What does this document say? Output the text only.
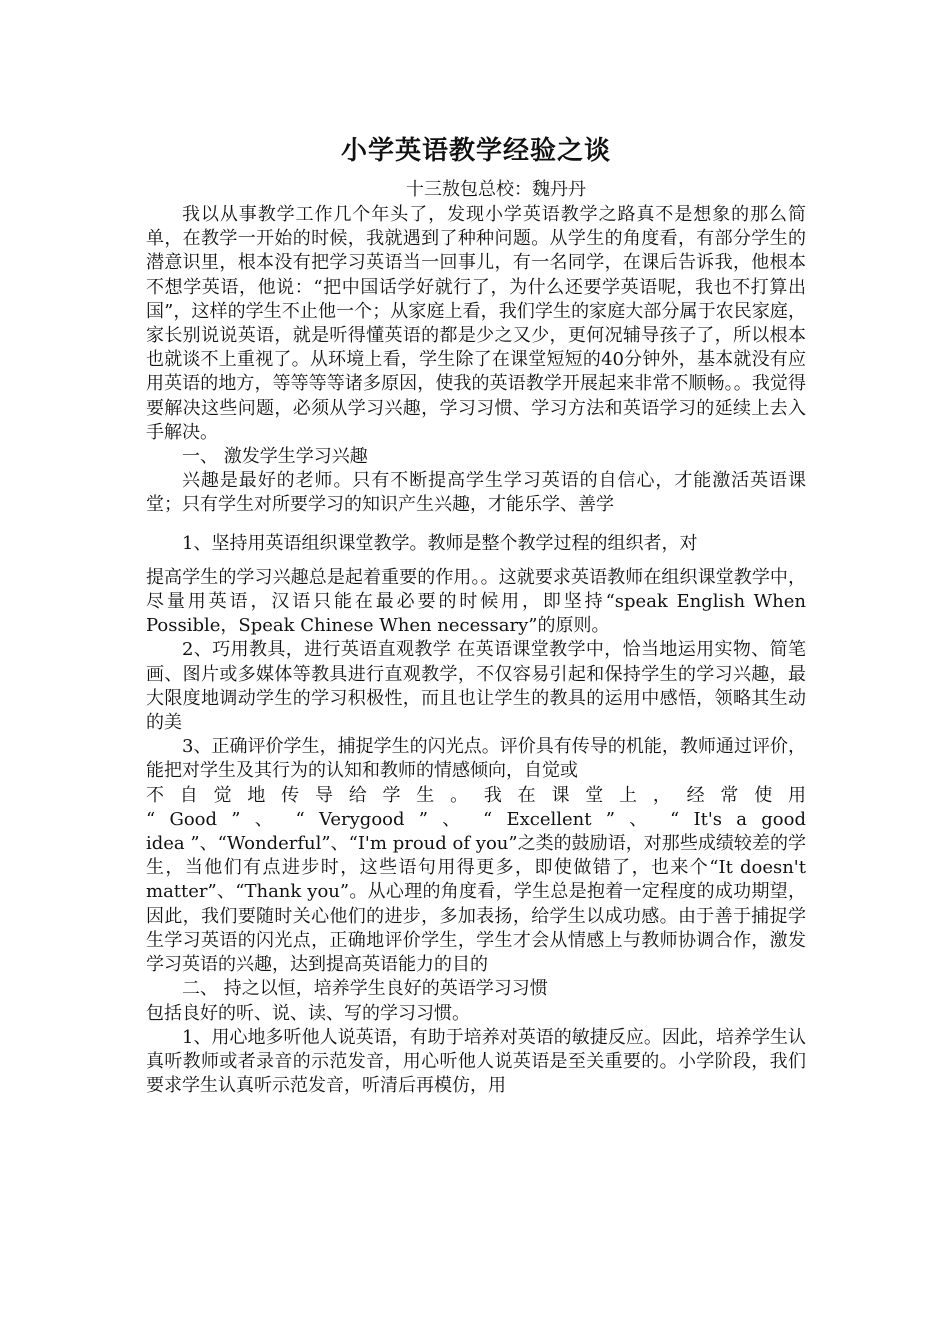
小学英语教学经验之谈
十三敖包总校：魏丹丹

我以从事教学工作几个年头了，发现小学英语教学之路真不是想象的那么简单，在教学一开始的时候，我就遇到了种种问题。从学生的角度看，有部分学生的潜意识里，根本没有把学习英语当一回事儿，有一名同学，在课后告诉我，他根本不想学英语，他说：“把中国话学好就行了，为什么还要学英语呢，我也不打算出国”，这样的学生不止他一个；从家庭上看，我们学生的家庭大部分属于农民家庭，家长别说说英语，就是听得懂英语的都是少之又少，更何况辅导孩子了，所以根本也就谈不上重视了。从环境上看，学生除了在课堂短短的40分钟外，基本就没有应用英语的地方，等等等等诸多原因，使我的英语教学开展起来非常不顺畅。。我觉得要解决这些问题，必须从学习兴趣，学习习惯、学习方法和英语学习的延续上去入手解决。

一、 激发学生学习兴趣

兴趣是最好的老师。只有不断提高学生学习英语的自信心，才能激活英语课堂；只有学生对所要学习的知识产生兴趣，才能乐学、善学

1、坚持用英语组织课堂教学。教师是整个教学过程的组织者，对

提高学生的学习兴趣总是起着重要的作用。。这就要求英语教师在组织课堂教学中，尽量用英语，汉语只能在最必要的时候用，即坚持“speak English When Possible，Speak Chinese When necessary”的原则。

2、巧用教具，进行英语直观教学 在英语课堂教学中，恰当地运用实物、简笔画、图片或多媒体等教具进行直观教学，不仅容易引起和保持学生的学习兴趣，最大限度地调动学生的学习积极性，而且也让学生的教具的运用中感悟，领略其生动的美

3、正确评价学生，捕捉学生的闪光点。评价具有传导的机能，教师通过评价，能把对学生及其行为的认知和教师的情感倾向，自觉或

不 自 觉 地 传 导 给 学 生 。 我 在 课 堂 上 ， 经 常 使 用

“ Good ” 、 “ Verygood ” 、 “ Excellent ” 、 “ It's a good

idea ”、“Wonderful”、“I'm proud of you”之类的鼓励语，对那些成绩较差的学生，当他们有点进步时，这些语句用得更多，即使做错了，也来个“It doesn't matter”、“Thank you”。从心理的角度看，学生总是抱着一定程度的成功期望，因此，我们要随时关心他们的进步，多加表扬，给学生以成功感。由于善于捕捉学生学习英语的闪光点，正确地评价学生，学生才会从情感上与教师协调合作，激发学习英语的兴趣，达到提高英语能力的目的

二、 持之以恒，培养学生良好的英语学习习惯

包括良好的听、说、读、写的学习习惯。

1、用心地多听他人说英语，有助于培养对英语的敏捷反应。因此，培养学生认真听教师或者录音的示范发音，用心听他人说英语是至关重要的。小学阶段，我们要求学生认真听示范发音，听清后再模仿，用
